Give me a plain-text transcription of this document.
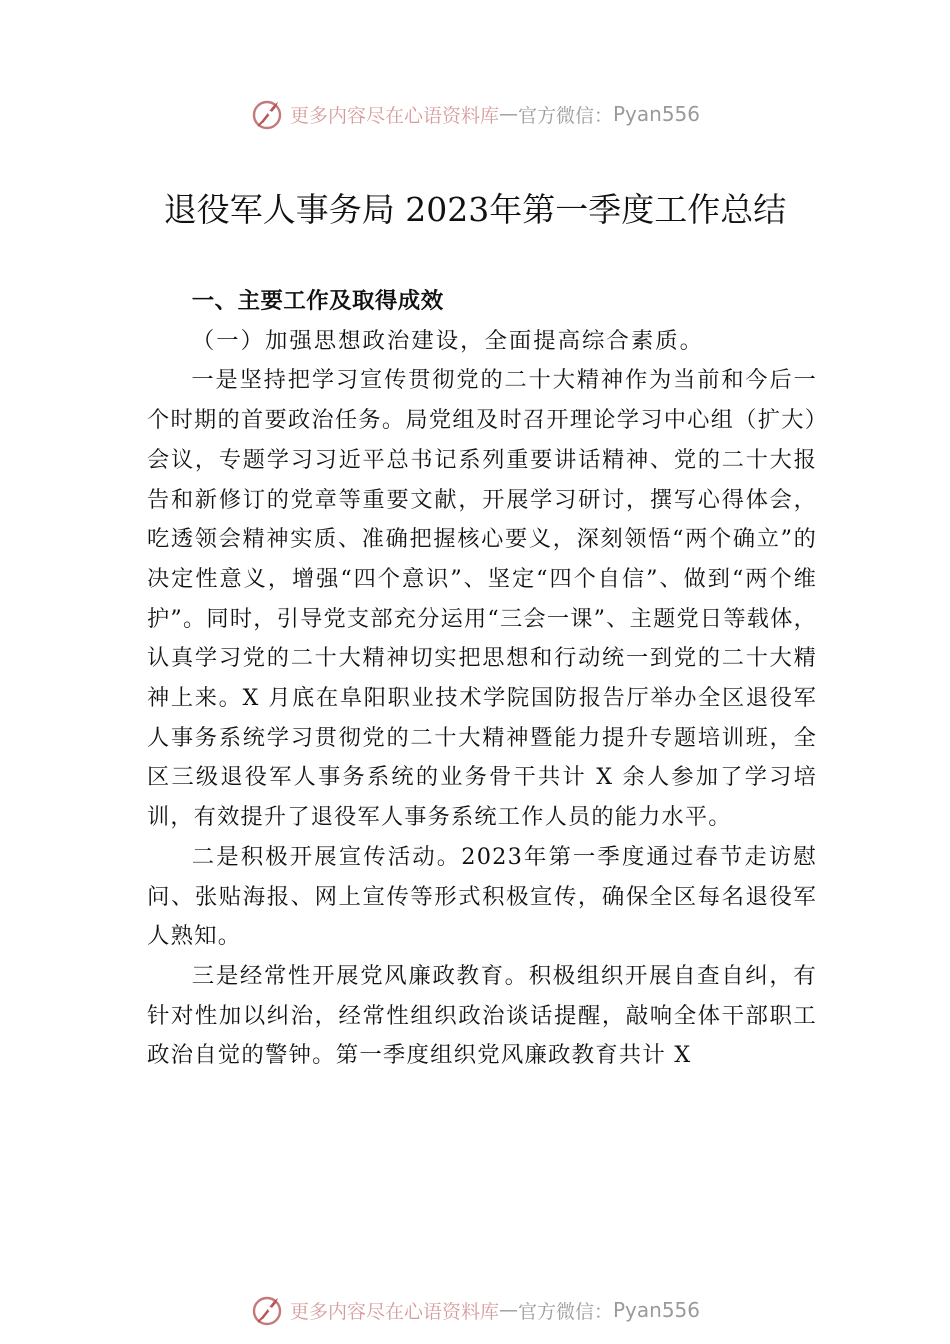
更多内容尽在心语资料库 — 官方微信： Pyan556
退役军人事务局 2023年第一季度工作总结

一、主要工作及取得成效

（一）加强思想政治建设，全面提高综合素质。

一是坚持把学习宣传贯彻党的二十大精神作为当前和今后一个时期的首要政治任务。局党组及时召开理论学习中心组（扩大）会议，专题学习习近平总书记系列重要讲话精神、党的二十大报告和新修订的党章等重要文献，开展学习研讨，撰写心得体会，吃透领会精神实质、准确把握核心要义，深刻领悟“两个确立”的决定性意义，增强“四个意识”、坚定“四个自信”、做到“两个维护”。同时，引导党支部充分运用“三会一课”、主题党日等载体，认真学习党的二十大精神切实把思想和行动统一到党的二十大精神上来。X 月底在阜阳职业技术学院国防报告厅举办全区退役军人事务系统学习贯彻党的二十大精神暨能力提升专题培训班，全区三级退役军人事务系统的业务骨干共计 X 余人参加了学习培训，有效提升了退役军人事务系统工作人员的能力水平。

二是积极开展宣传活动。2023年第一季度通过春节走访慰问、张贴海报、网上宣传等形式积极宣传，确保全区每名退役军人熟知。

三是经常性开展党风廉政教育。积极组织开展自查自纠，有针对性加以纠治，经常性组织政治谈话提醒，敲响全体干部职工政治自觉的警钟。第一季度组织党风廉政教育共计 X

更多内容尽在心语资料库 — 官方微信： Pyan556
